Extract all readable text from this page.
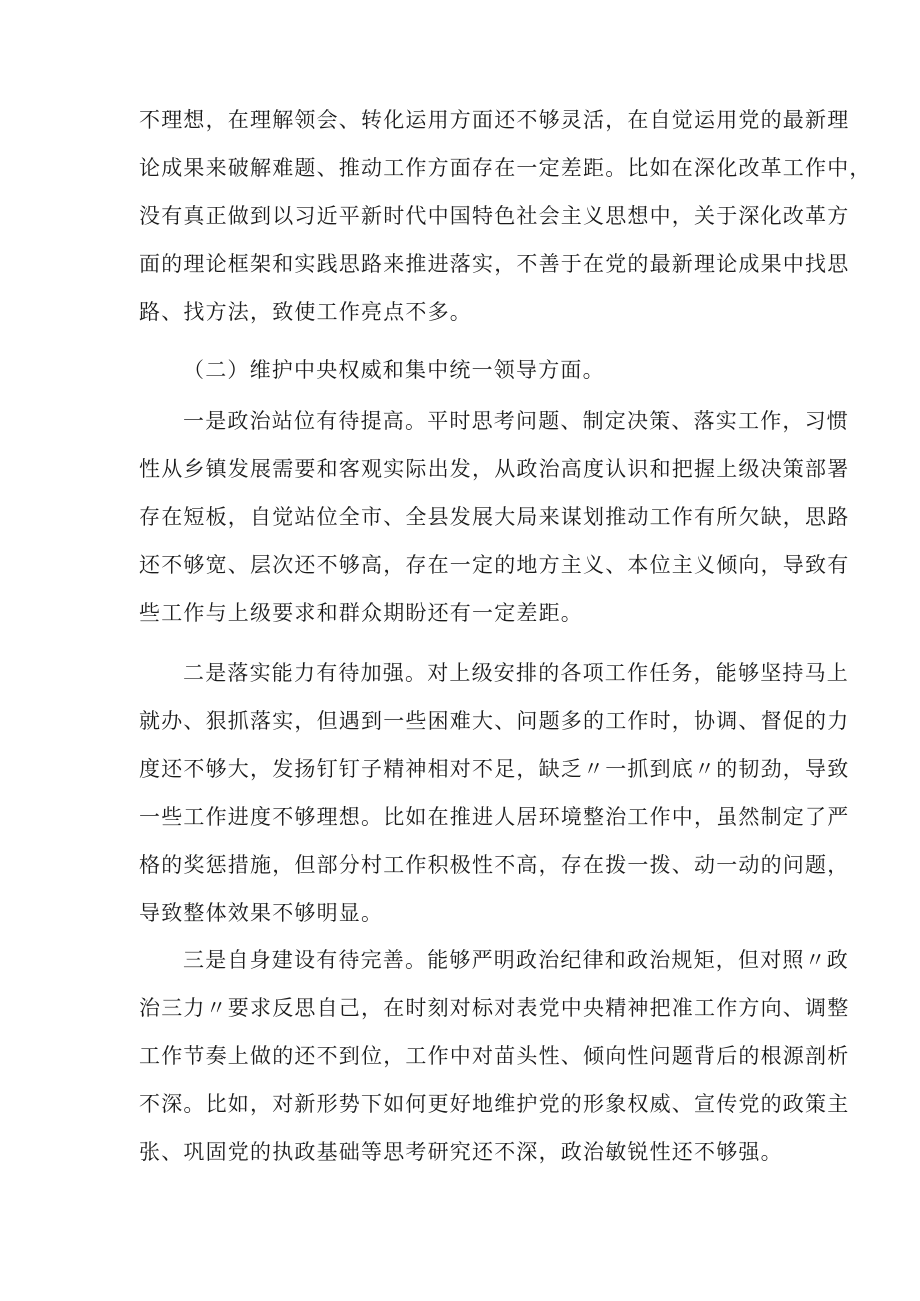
不理想，在理解领会、转化运用方面还不够灵活，在自觉运用党的最新理
论成果来破解难题、推动工作方面存在一定差距。比如在深化改革工作中，
没有真正做到以习近平新时代中国特色社会主义思想中，关于深化改革方
面的理论框架和实践思路来推进落实，不善于在党的最新理论成果中找思
路、找方法，致使工作亮点不多。
（二）维护中央权威和集中统一领导方面。
一是政治站位有待提高。平时思考问题、制定决策、落实工作，习惯
性从乡镇发展需要和客观实际出发，从政治高度认识和把握上级决策部署
存在短板，自觉站位全市、全县发展大局来谋划推动工作有所欠缺，思路
还不够宽、层次还不够高，存在一定的地方主义、本位主义倾向，导致有
些工作与上级要求和群众期盼还有一定差距。
二是落实能力有待加强。对上级安排的各项工作任务，能够坚持马上
就办、狠抓落实，但遇到一些困难大、问题多的工作时，协调、督促的力
度还不够大，发扬钉钉子精神相对不足，缺乏〃一抓到底〃的韧劲，导致
一些工作进度不够理想。比如在推进人居环境整治工作中，虽然制定了严
格的奖惩措施，但部分村工作积极性不高，存在拨一拨、动一动的问题，
导致整体效果不够明显。
三是自身建设有待完善。能够严明政治纪律和政治规矩，但对照〃政
治三力〃要求反思自己，在时刻对标对表党中央精神把准工作方向、调整
工作节奏上做的还不到位，工作中对苗头性、倾向性问题背后的根源剖析
不深。比如，对新形势下如何更好地维护党的形象权威、宣传党的政策主
张、巩固党的执政基础等思考研究还不深，政治敏锐性还不够强。
